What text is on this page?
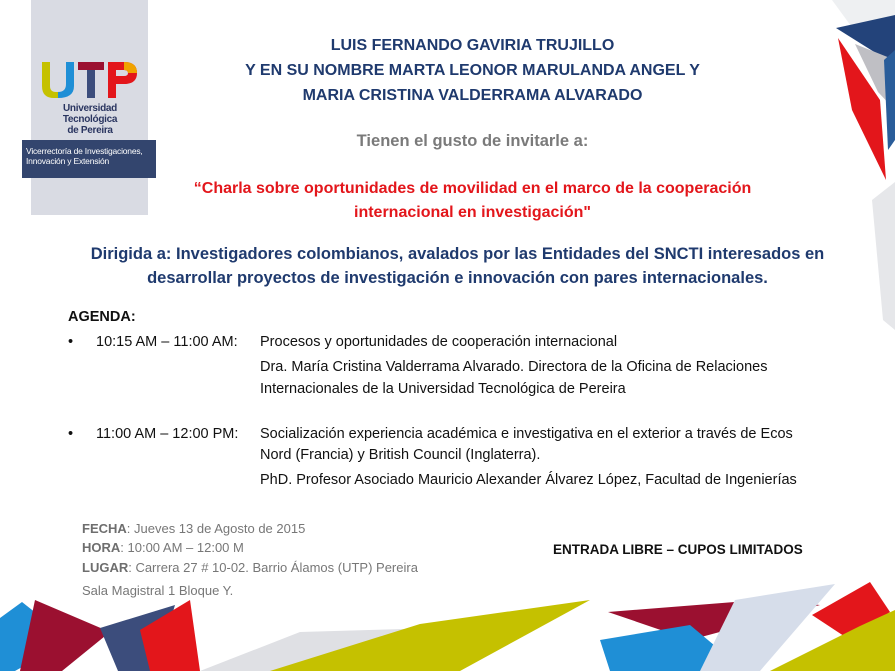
Universidad Tecnológica
de Pereira
Vicerrectoría de Investigaciones,
Innovación y Extensión
LUIS FERNANDO GAVIRIA TRUJILLO
Y EN SU NOMBRE MARTA LEONOR MARULANDA ANGEL Y
MARIA CRISTINA VALDERRAMA ALVARADO
Tienen el gusto de invitarle a:
“Charla sobre oportunidades de movilidad en el marco de la cooperación
internacional en investigación"
Dirigida a: Investigadores colombianos, avalados por las Entidades del SNCTI interesados en
desarrollar proyectos de investigación e innovación con pares internacionales.
AGENDA:
• 10:15 AM – 11:00 AM: Procesos y oportunidades de cooperación internacional
Dra. María Cristina Valderrama Alvarado. Directora de la Oficina de Relaciones
Internacionales de la Universidad Tecnológica de Pereira
• 11:00 AM – 12:00 PM: Socialización experiencia académica e investigativa en el exterior a través de Ecos
Nord (Francia) y British Council (Inglaterra).
PhD. Profesor Asociado Mauricio Alexander Álvarez López, Facultad de Ingenierías
FECHA: Jueves 13 de Agosto de 2015
HORA: 10:00 AM – 12:00 M
LUGAR: Carrera 27 # 10-02. Barrio Álamos (UTP) Pereira
Sala Magistral 1 Bloque Y.
ENTRADA LIBRE – CUPOS LIMITADOS
